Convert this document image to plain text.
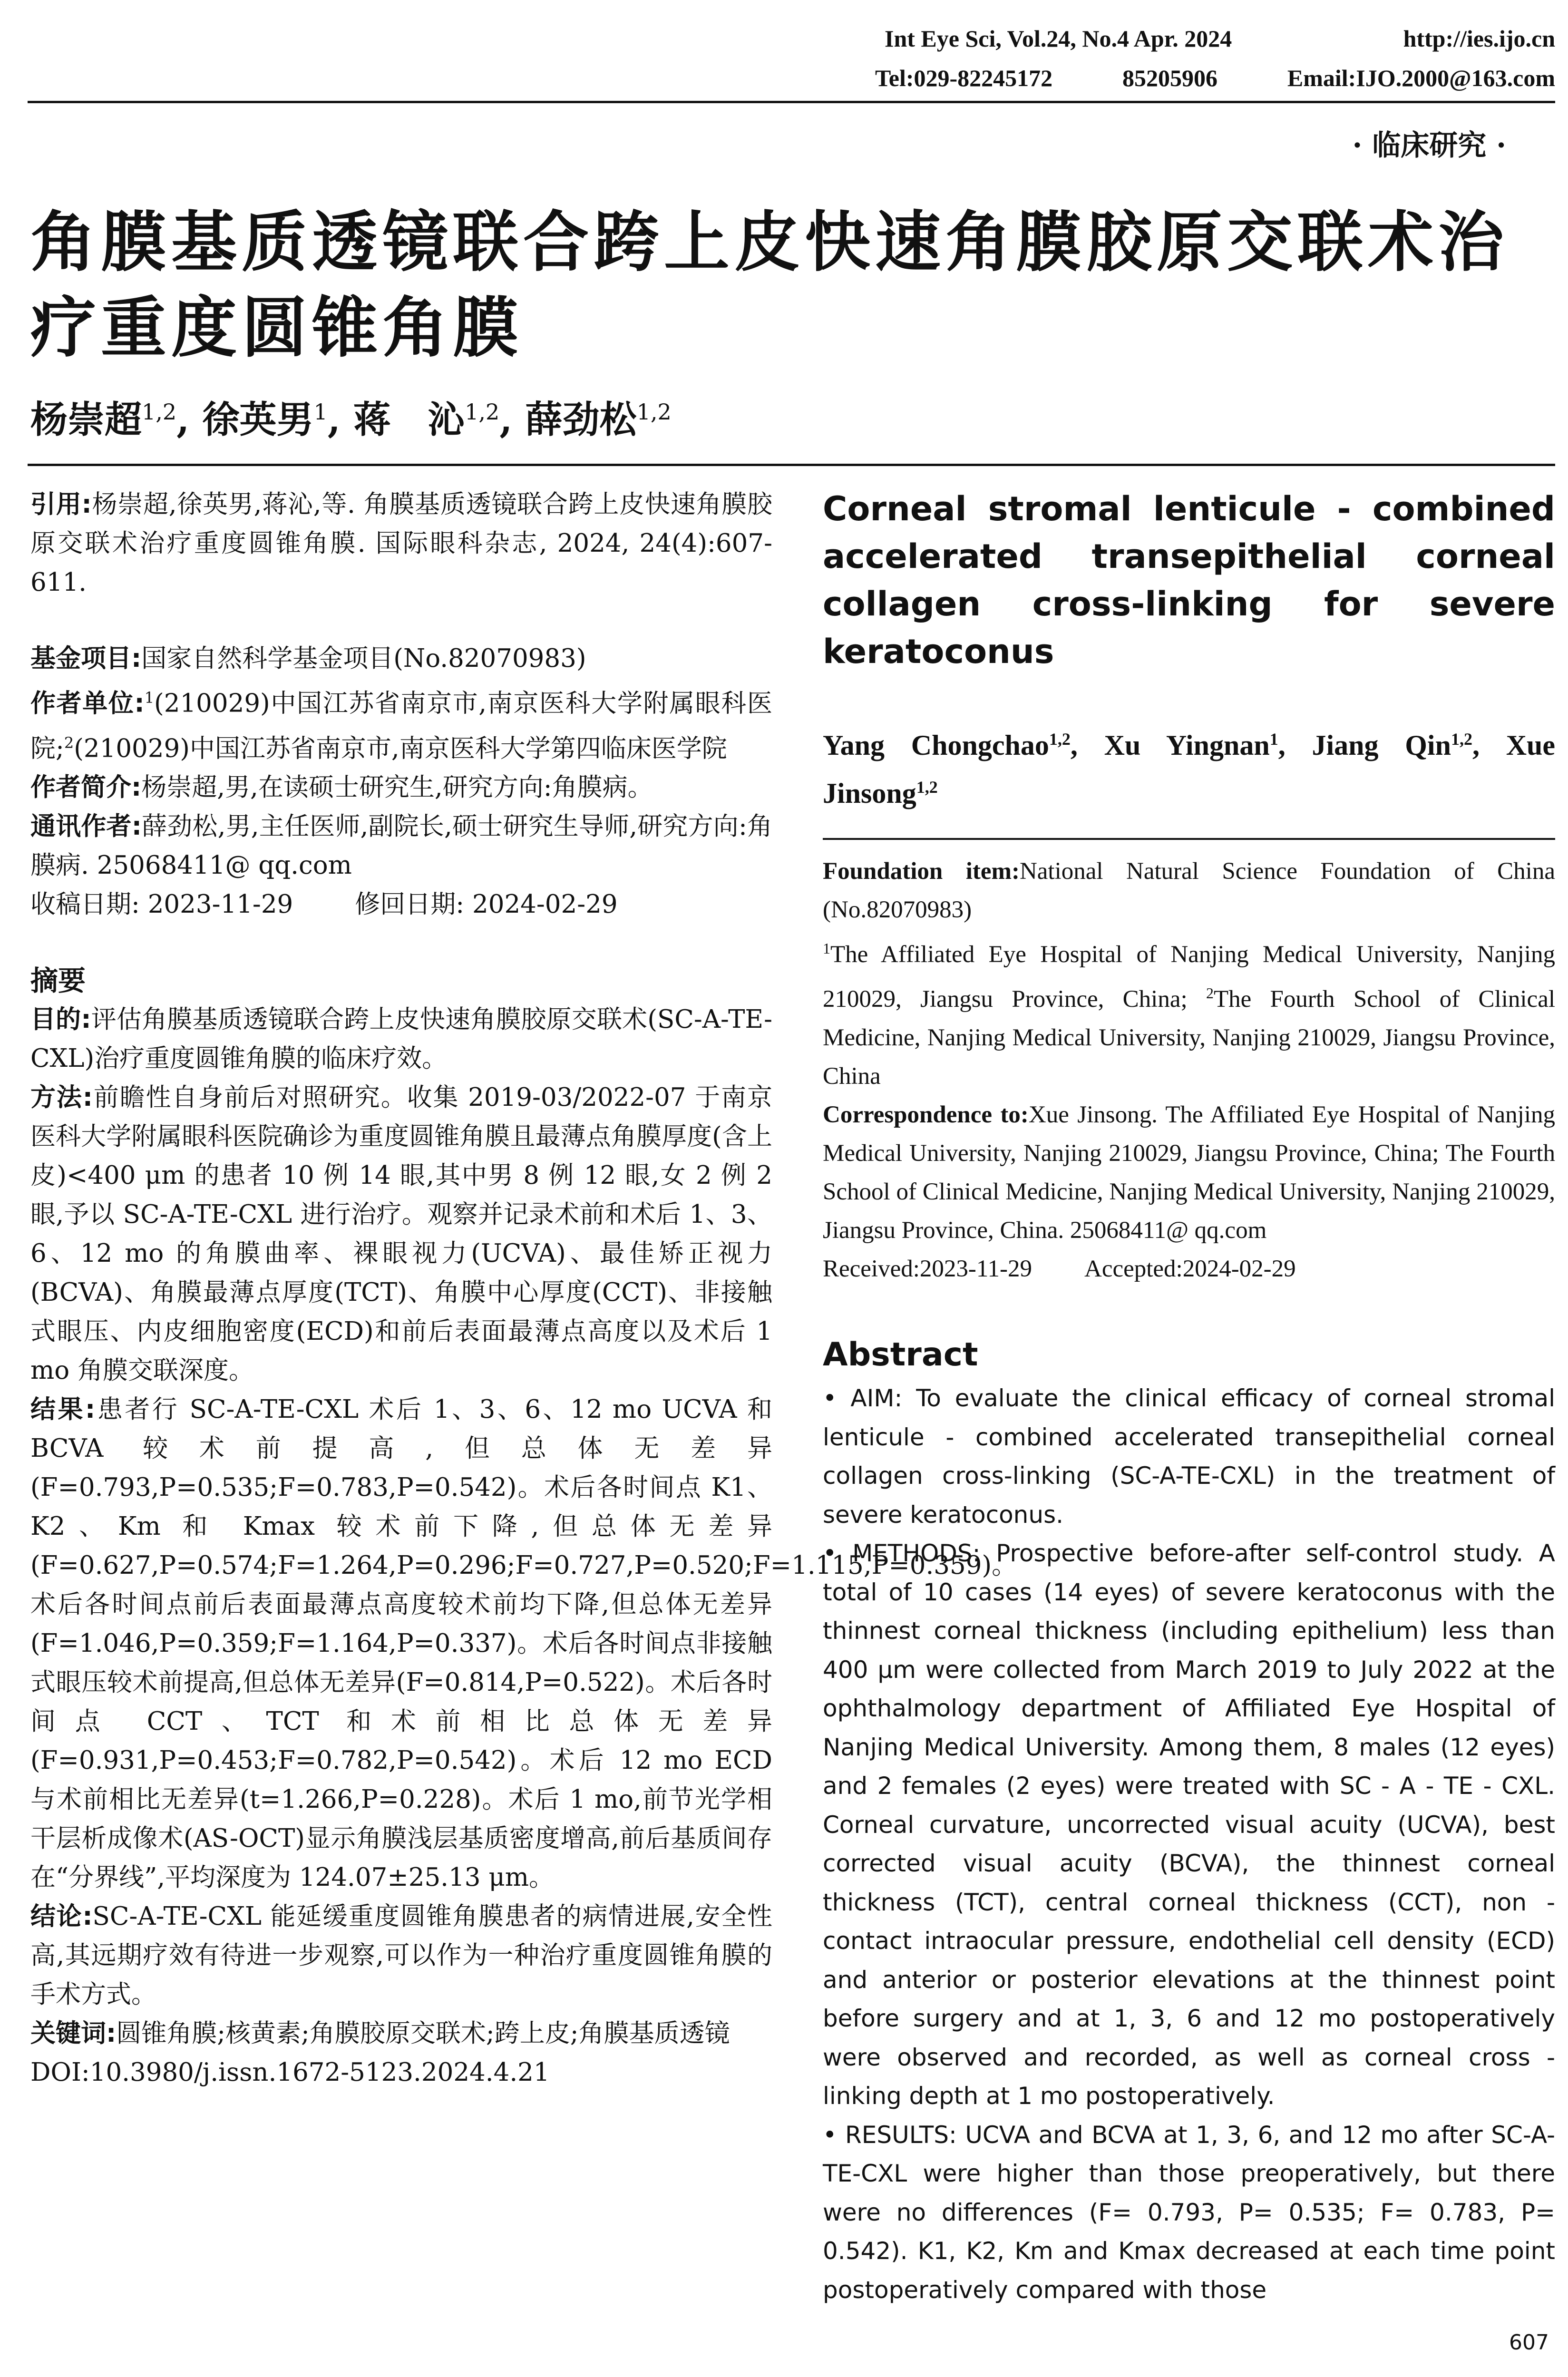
Int Eye Sci, Vol.24, No.4 Apr. 2024	http://ies.ijo.cn
Tel:029-82245172	85205906	Email:IJO.2000@163.com
· 临床研究 ·
角膜基质透镜联合跨上皮快速角膜胶原交联术治疗重度圆锥角膜
杨崇超$^{1,2}$, 徐英男$^1$, 蒋　沁$^{1,2}$, 薛劲松$^{1,2}$
引用:杨崇超,徐英男,蒋沁,等. 角膜基质透镜联合跨上皮快速角膜胶原交联术治疗重度圆锥角膜. 国际眼科杂志, 2024, 24(4):607-611.
基金项目:国家自然科学基金项目(No.82070983)
作者单位:$^1$(210029)中国江苏省南京市,南京医科大学附属眼科医院;$^2$(210029)中国江苏省南京市,南京医科大学第四临床医学院
作者简介:杨崇超,男,在读硕士研究生,研究方向:角膜病。
通讯作者:薛劲松,男,主任医师,副院长,硕士研究生导师,研究方向:角膜病. 25068411@ qq.com
收稿日期: 2023-11-29 修回日期: 2024-02-29
摘要
目的:评估角膜基质透镜联合跨上皮快速角膜胶原交联术(SC-A-TE-CXL)治疗重度圆锥角膜的临床疗效。
方法:前瞻性自身前后对照研究。收集 2019-03/2022-07 于南京医科大学附属眼科医院确诊为重度圆锥角膜且最薄点角膜厚度(含上皮)<400 μm 的患者 10 例 14 眼,其中男 8 例 12 眼,女 2 例 2 眼,予以 SC-A-TE-CXL 进行治疗。观察并记录术前和术后 1、3、6、12 mo 的角膜曲率、裸眼视力(UCVA)、最佳矫正视力(BCVA)、角膜最薄点厚度(TCT)、角膜中心厚度(CCT)、非接触式眼压、内皮细胞密度(ECD)和前后表面最薄点高度以及术后 1 mo 角膜交联深度。
结果:患者行 SC-A-TE-CXL 术后 1、3、6、12 mo UCVA 和 BCVA 较术前提高,但总体无差异(F=0.793,P=0.535;F=0.783,P=0.542)。术后各时间点 K1、K2、Km 和 Kmax 较术前下降,但总体无差异(F=0.627,P=0.574;F=1.264,P=0.296;F=0.727,P=0.520;F=1.115,P=0.359)。术后各时间点前后表面最薄点高度较术前均下降,但总体无差异(F=1.046,P=0.359;F=1.164,P=0.337)。术后各时间点非接触式眼压较术前提高,但总体无差异(F=0.814,P=0.522)。术后各时间点 CCT、TCT 和术前相比总体无差异(F=0.931,P=0.453;F=0.782,P=0.542)。术后 12 mo ECD 与术前相比无差异(t=1.266,P=0.228)。术后 1 mo,前节光学相干层析成像术(AS-OCT)显示角膜浅层基质密度增高,前后基质间存在“分界线”,平均深度为 124.07±25.13 μm。
结论:SC-A-TE-CXL 能延缓重度圆锥角膜患者的病情进展,安全性高,其远期疗效有待进一步观察,可以作为一种治疗重度圆锥角膜的手术方式。
关键词:圆锥角膜;核黄素;角膜胶原交联术;跨上皮;角膜基质透镜
DOI:10.3980/j.issn.1672-5123.2024.4.21
Corneal stromal lenticule - combined accelerated transepithelial corneal collagen cross-linking for severe keratoconus
Yang Chongchao$^{1,2}$, Xu Yingnan$^1$, Jiang Qin$^{1,2}$, Xue Jinsong$^{1,2}$
Foundation item:National Natural Science Foundation of China (No.82070983)
$^1$The Affiliated Eye Hospital of Nanjing Medical University, Nanjing 210029, Jiangsu Province, China; $^2$The Fourth School of Clinical Medicine, Nanjing Medical University, Nanjing 210029, Jiangsu Province, China
Correspondence to:Xue Jinsong. The Affiliated Eye Hospital of Nanjing Medical University, Nanjing 210029, Jiangsu Province, China; The Fourth School of Clinical Medicine, Nanjing Medical University, Nanjing 210029, Jiangsu Province, China. 25068411@ qq.com
Received:2023-11-29 Accepted:2024-02-29
Abstract
• AIM: To evaluate the clinical efficacy of corneal stromal lenticule - combined accelerated transepithelial corneal collagen cross-linking (SC-A-TE-CXL) in the treatment of severe keratoconus.
• METHODS: Prospective before-after self-control study. A total of 10 cases (14 eyes) of severe keratoconus with the thinnest corneal thickness (including epithelium) less than 400 μm were collected from March 2019 to July 2022 at the ophthalmology department of Affiliated Eye Hospital of Nanjing Medical University. Among them, 8 males (12 eyes) and 2 females (2 eyes) were treated with SC - A - TE - CXL. Corneal curvature, uncorrected visual acuity (UCVA), best corrected visual acuity (BCVA), the thinnest corneal thickness (TCT), central corneal thickness (CCT), non - contact intraocular pressure, endothelial cell density (ECD) and anterior or posterior elevations at the thinnest point before surgery and at 1, 3, 6 and 12 mo postoperatively were observed and recorded, as well as corneal cross - linking depth at 1 mo postoperatively.
• RESULTS: UCVA and BCVA at 1, 3, 6, and 12 mo after SC-A-TE-CXL were higher than those preoperatively, but there were no differences (F= 0.793, P= 0.535; F= 0.783, P= 0.542). K1, K2, Km and Kmax decreased at each time point postoperatively compared with those
607
